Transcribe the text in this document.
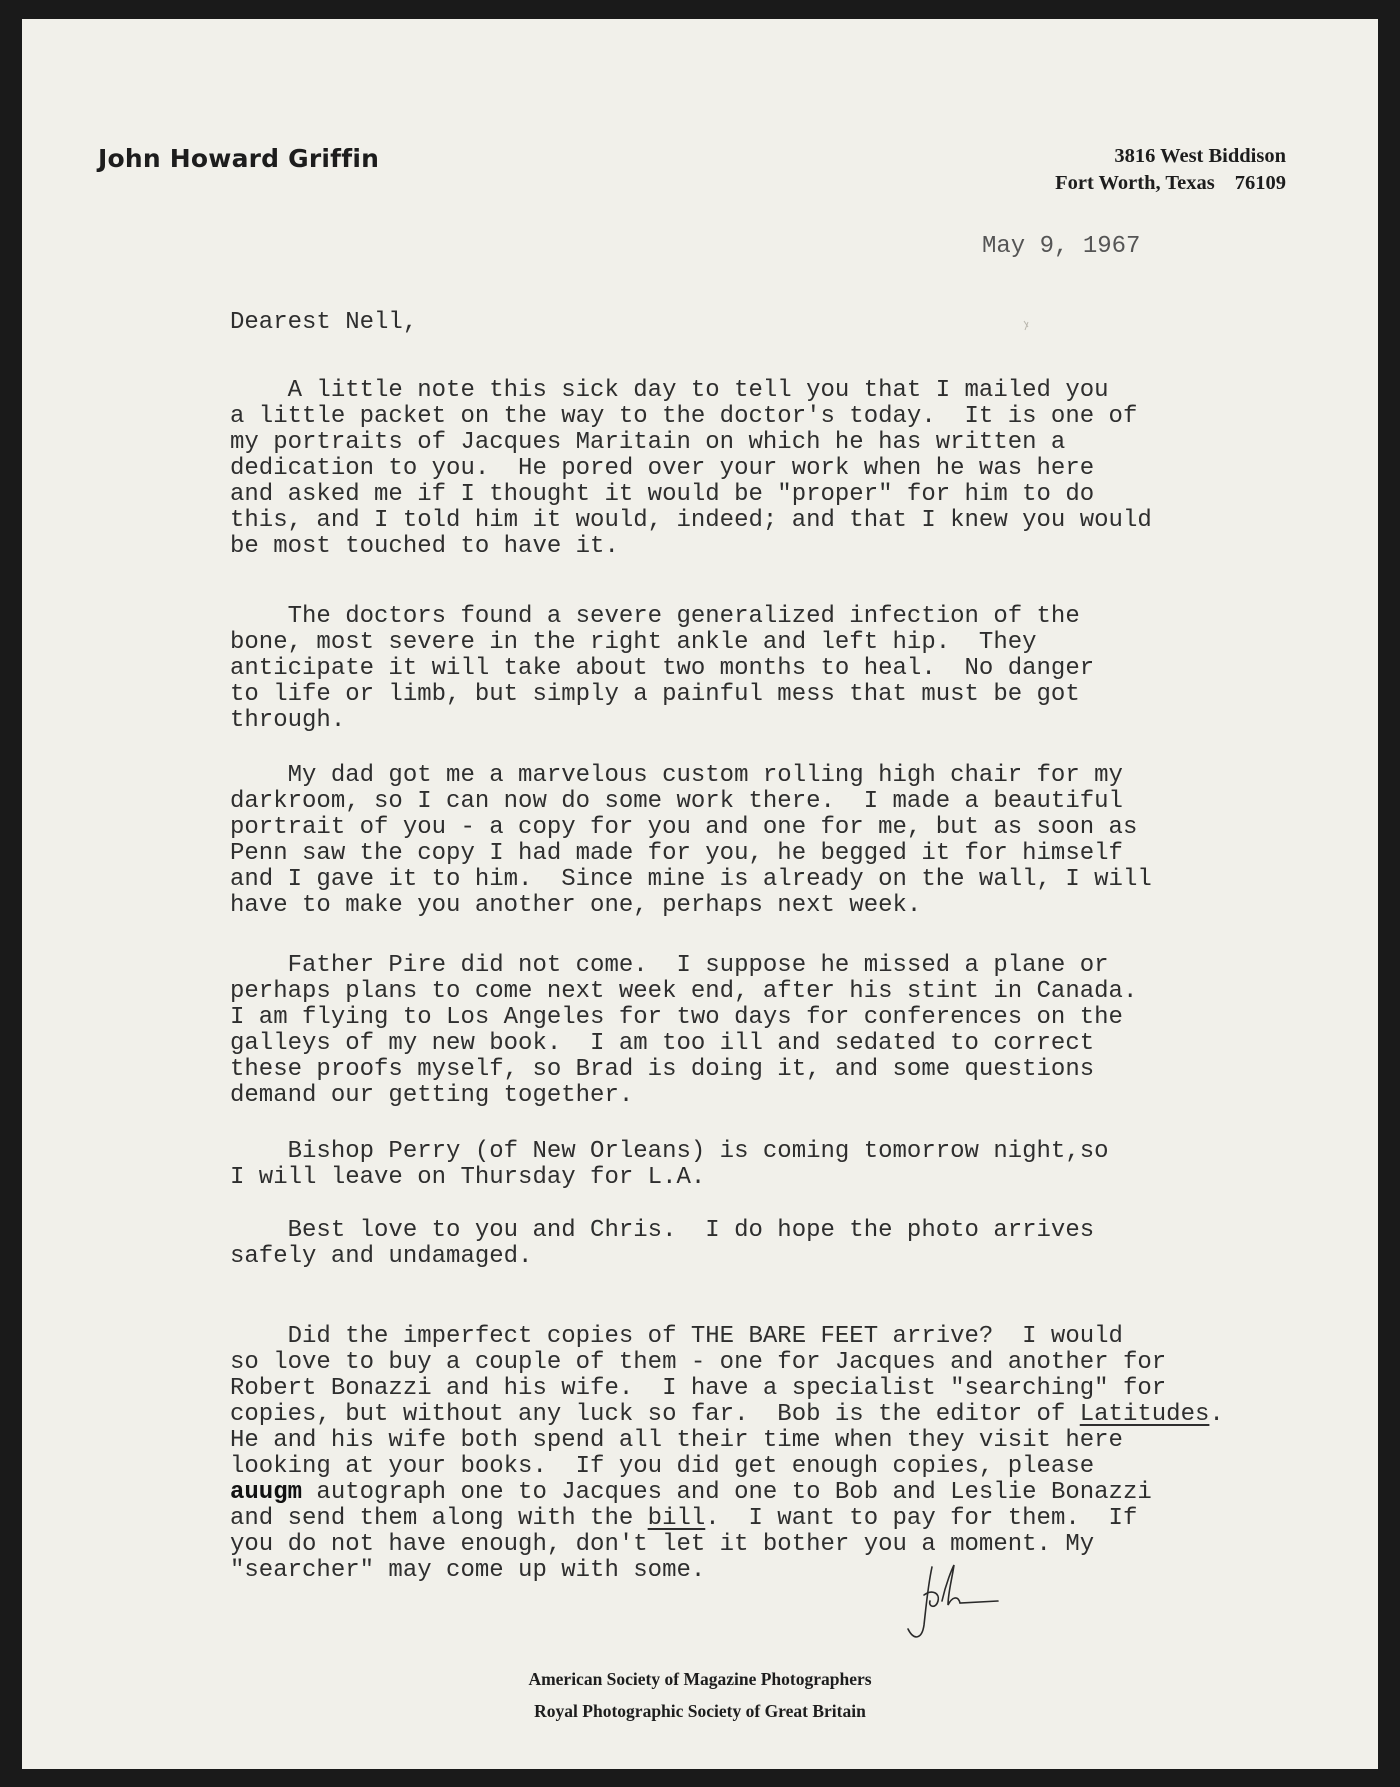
John Howard Griffin	3816 West Biddison
Fort Worth, Texas 76109
May 9, 1967
Dearest Nell,
A little note this sick day to tell you that I mailed you
a little packet on the way to the doctor's today.  It is one of
my portraits of Jacques Maritain on which he has written a
dedication to you.  He pored over your work when he was here
and asked me if I thought it would be "proper" for him to do
this, and I told him it would, indeed; and that I knew you would
be most touched to have it.
The doctors found a severe generalized infection of the
bone, most severe in the right ankle and left hip.  They
anticipate it will take about two months to heal.  No danger
to life or limb, but simply a painful mess that must be got
through.
My dad got me a marvelous custom rolling high chair for my
darkroom, so I can now do some work there.  I made a beautiful
portrait of you - a copy for you and one for me, but as soon as
Penn saw the copy I had made for you, he begged it for himself
and I gave it to him.  Since mine is already on the wall, I will
have to make you another one, perhaps next week.
Father Pire did not come.  I suppose he missed a plane or
perhaps plans to come next week end, after his stint in Canada.
I am flying to Los Angeles for two days for conferences on the
galleys of my new book.  I am too ill and sedated to correct
these proofs myself, so Brad is doing it, and some questions
demand our getting together.
Bishop Perry (of New Orleans) is coming tomorrow night,so
I will leave on Thursday for L.A.
Best love to you and Chris.  I do hope the photo arrives
safely and undamaged.

Did the imperfect copies of THE BARE FEET arrive?  I would
so love to buy a couple of them - one for Jacques and another for
Robert Bonazzi and his wife.  I have a specialist "searching" for
copies, but without any luck so far.  Bob is the editor of Latitudes.
He and his wife both spend all their time when they visit here
looking at your books.  If you did get enough copies, please
auugm autograph one to Jacques and one to Bob and Leslie Bonazzi
and send them along with the bill.  I want to pay for them.  If
you do not have enough, don't let it bother you a moment. My
"searcher" may come up with some.

American Society of Magazine Photographers
Royal Photographic Society of Great Britain
